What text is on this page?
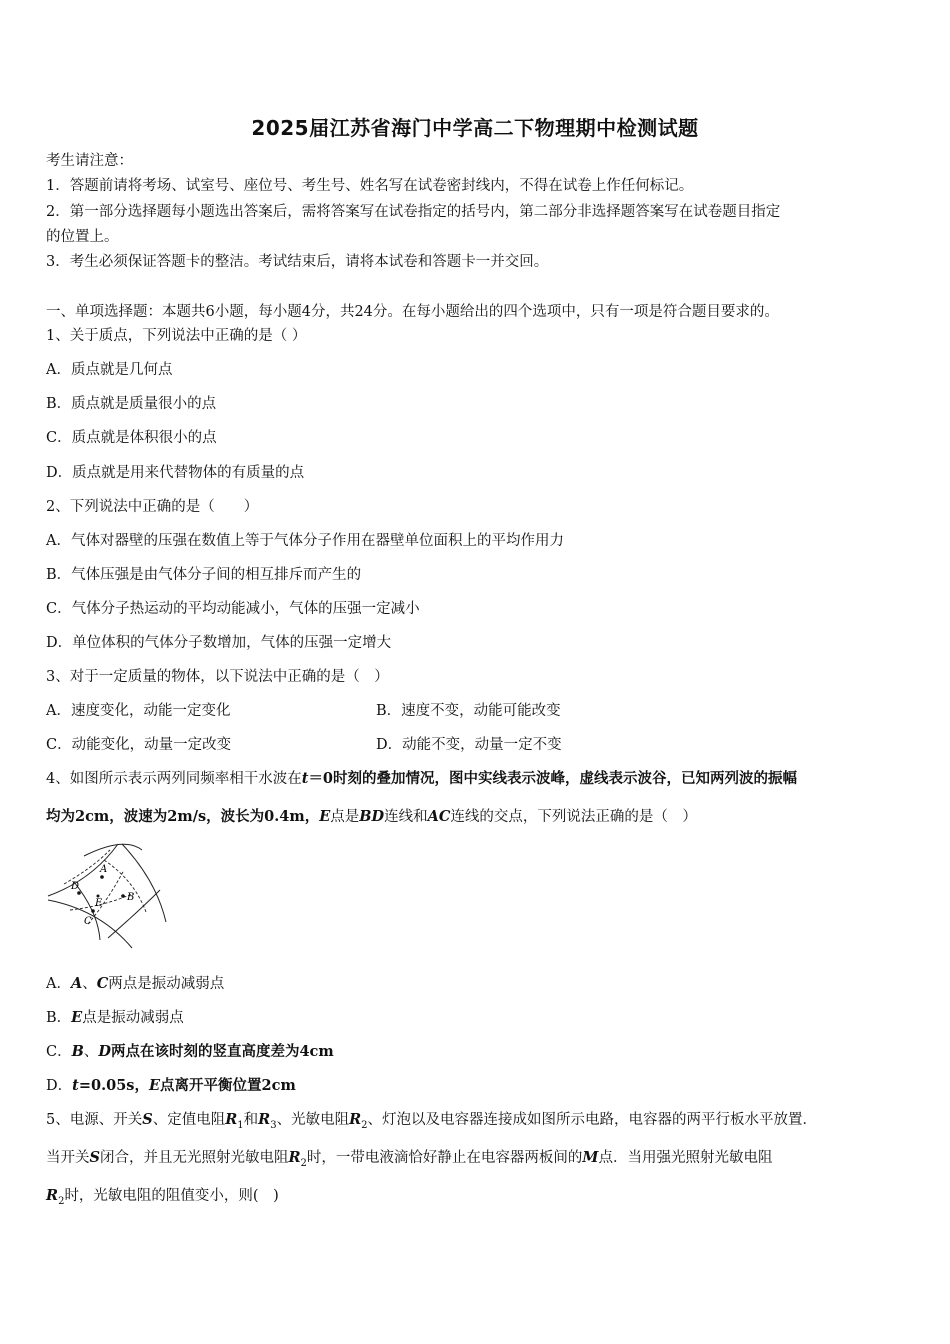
2025届江苏省海门中学高二下物理期中检测试题
考生请注意：
1．答题前请将考场、试室号、座位号、考生号、姓名写在试卷密封线内，不得在试卷上作任何标记。
2．第一部分选择题每小题选出答案后，需将答案写在试卷指定的括号内，第二部分非选择题答案写在试卷题目指定
的位置上。
3．考生必须保证答题卡的整洁。考试结束后，请将本试卷和答题卡一并交回。
一、单项选择题：本题共6小题，每小题4分，共24分。在每小题给出的四个选项中，只有一项是符合题目要求的。
1、关于质点，下列说法中正确的是（ ）
A．质点就是几何点
B．质点就是质量很小的点
C．质点就是体积很小的点
D．质点就是用来代替物体的有质量的点
2、下列说法中正确的是（　　）
A．气体对器壁的压强在数值上等于气体分子作用在器壁单位面积上的平均作用力
B．气体压强是由气体分子间的相互排斥而产生的
C．气体分子热运动的平均动能减小，气体的压强一定减小
D．单位体积的气体分子数增加，气体的压强一定增大
3、对于一定质量的物体，以下说法中正确的是（　）
A．速度变化，动能一定变化	B．速度不变，动能可能改变
C．动能变化，动量一定改变	D．动能不变，动量一定不变
4、如图所示表示两列同频率相干水波在t＝0时刻的叠加情况，图中实线表示波峰，虚线表示波谷，已知两列波的振幅
均为2cm，波速为2m/s，波长为0.4m，E点是BD连线和AC连线的交点，下列说法正确的是（　）
A
D
E
B
C
A．A、C两点是振动减弱点
B．E点是振动减弱点
C．B、D两点在该时刻的竖直高度差为4cm
D．t=0.05s，E点离开平衡位置2cm
5、电源、开关S、定值电阻$R_1$和$R_3$、光敏电阻$R_2$、灯泡以及电容器连接成如图所示电路，电容器的两平行板水平放置．
当开关S闭合，并且无光照射光敏电阻$R_2$时，一带电液滴恰好静止在电容器两板间的M点．当用强光照射光敏电阻
$R_2$时，光敏电阻的阻值变小，则(　)
